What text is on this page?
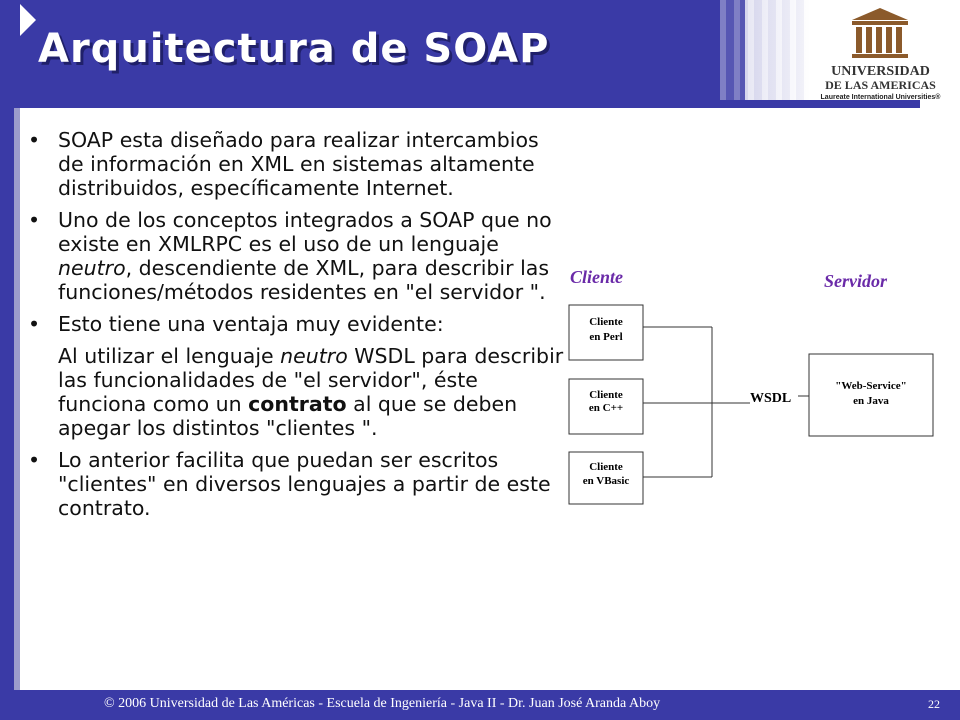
Arquitectura de SOAP	UNIVERSIDAD
DE LAS AMERICAS
Laureate International Universities®
• SOAP esta diseñado para realizar intercambios de información en XML en sistemas altamente distribuidos, específicamente Internet.
• Uno de los conceptos integrados a SOAP que no existe en XMLRPC es el uso de un lenguaje neutro, descendiente de XML, para describir las funciones/métodos residentes en "el servidor ".
• Esto tiene una ventaja muy evidente:
Al utilizar el lenguaje neutro WSDL para describir las funcionalidades de "el servidor", éste funciona como un contrato al que se deben apegar los distintos "clientes ".
• Lo anterior facilita que puedan ser escritos "clientes" en diversos lenguajes a partir de este contrato.
Cliente	Servidor
Cliente
en Perl
Cliente
en C++
Cliente
en VBasic
WSDL
"Web-Service"
en Java
© 2006 Universidad de Las Américas - Escuela de Ingeniería - Java II - Dr. Juan José Aranda Aboy	22
